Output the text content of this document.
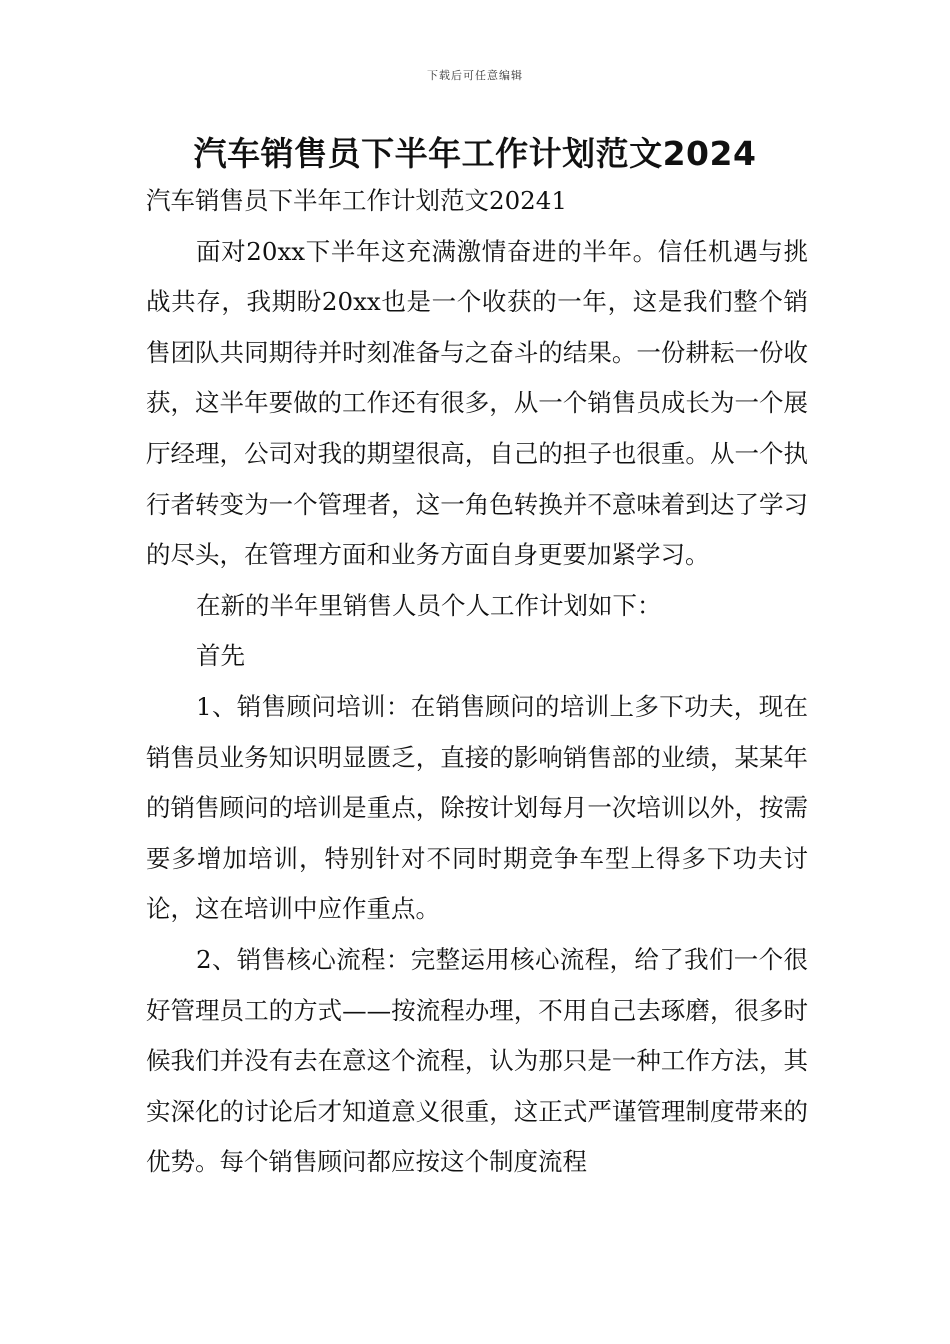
下载后可任意编辑
汽车销售员下半年工作计划范文2024

汽车销售员下半年工作计划范文20241

面对20xx下半年这充满激情奋进的半年。信任机遇与挑战共存，我期盼20xx也是一个收获的一年，这是我们整个销售团队共同期待并时刻准备与之奋斗的结果。一份耕耘一份收获，这半年要做的工作还有很多，从一个销售员成长为一个展厅经理，公司对我的期望很高，自己的担子也很重。从一个执行者转变为一个管理者，这一角色转换并不意味着到达了学习的尽头，在管理方面和业务方面自身更要加紧学习。

在新的半年里销售人员个人工作计划如下：

首先

1、销售顾问培训：在销售顾问的培训上多下功夫，现在销售员业务知识明显匮乏，直接的影响销售部的业绩，某某年的销售顾问的培训是重点，除按计划每月一次培训以外，按需要多增加培训，特别针对不同时期竞争车型上得多下功夫讨论，这在培训中应作重点。

2、销售核心流程：完整运用核心流程，给了我们一个很好管理员工的方式——按流程办理，不用自己去琢磨，很多时候我们并没有去在意这个流程，认为那只是一种工作方法，其实深化的讨论后才知道意义很重，这正式严谨管理制度带来的优势。每个销售顾问都应按这个制度流程
